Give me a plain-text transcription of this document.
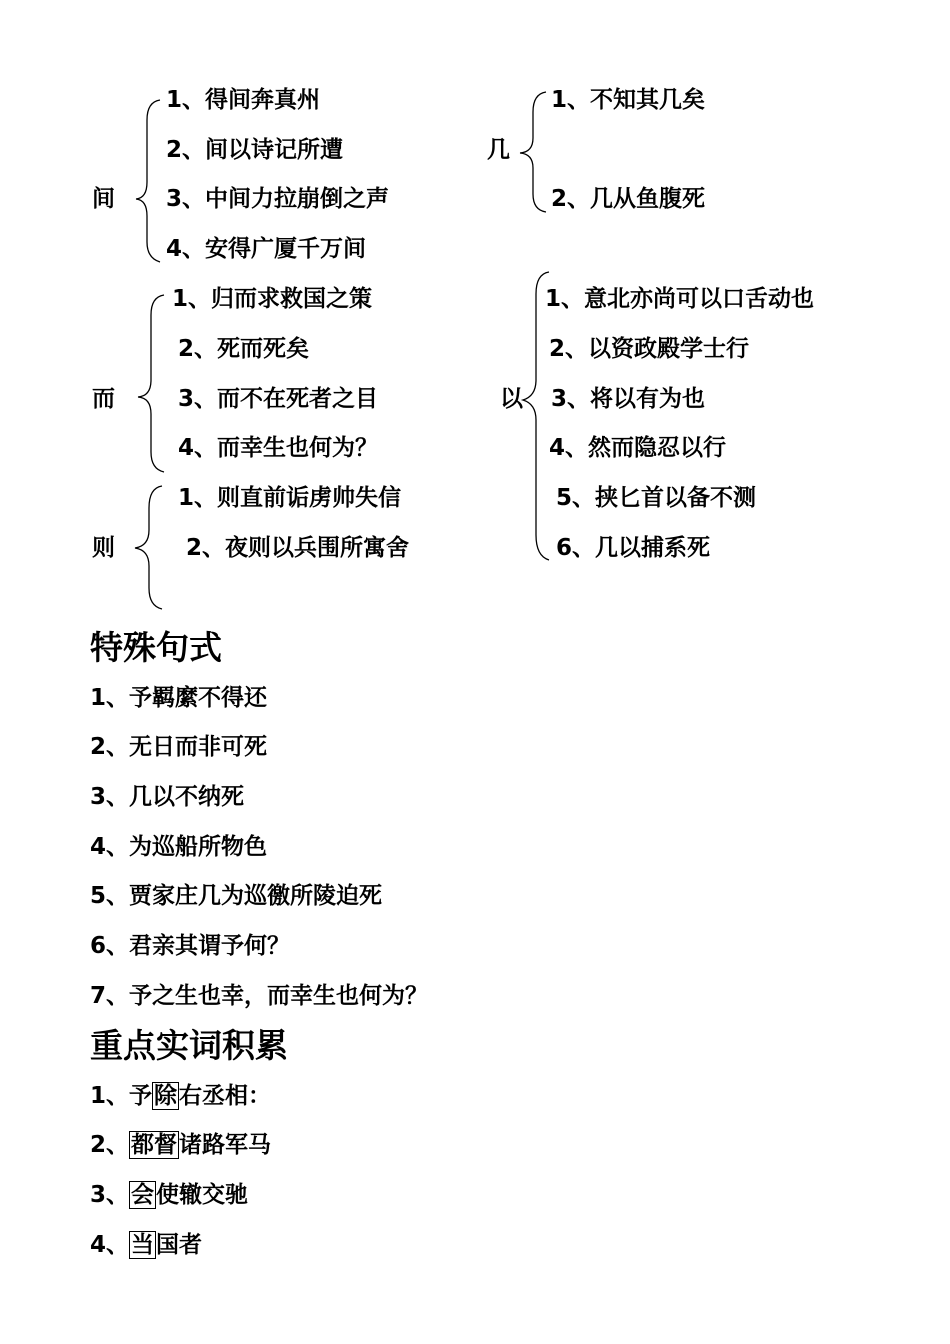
间
1、得间奔真州
2、间以诗记所遭
3、中间力拉崩倒之声
4、安得广厦千万间
几
1、不知其几矣
2、几从鱼腹死
而
1、归而求救国之策
2、死而死矣
3、而不在死者之目
4、而幸生也何为？
以
1、意北亦尚可以口舌动也
2、以资政殿学士行
3、将以有为也
4、然而隐忍以行
5、挟匕首以备不测
6、几以捕系死
则
1、则直前诟虏帅失信
2、夜则以兵围所寓舍
特殊句式
1、予羁縻不得还
2、无日而非可死
3、几以不纳死
4、为巡船所物色
5、贾家庄几为巡徼所陵迫死
6、君亲其谓予何？
7、予之生也幸，而幸生也何为？
重点实词积累
1、予除右丞相：
2、都督诸路军马
3、会使辙交驰
4、当国者
